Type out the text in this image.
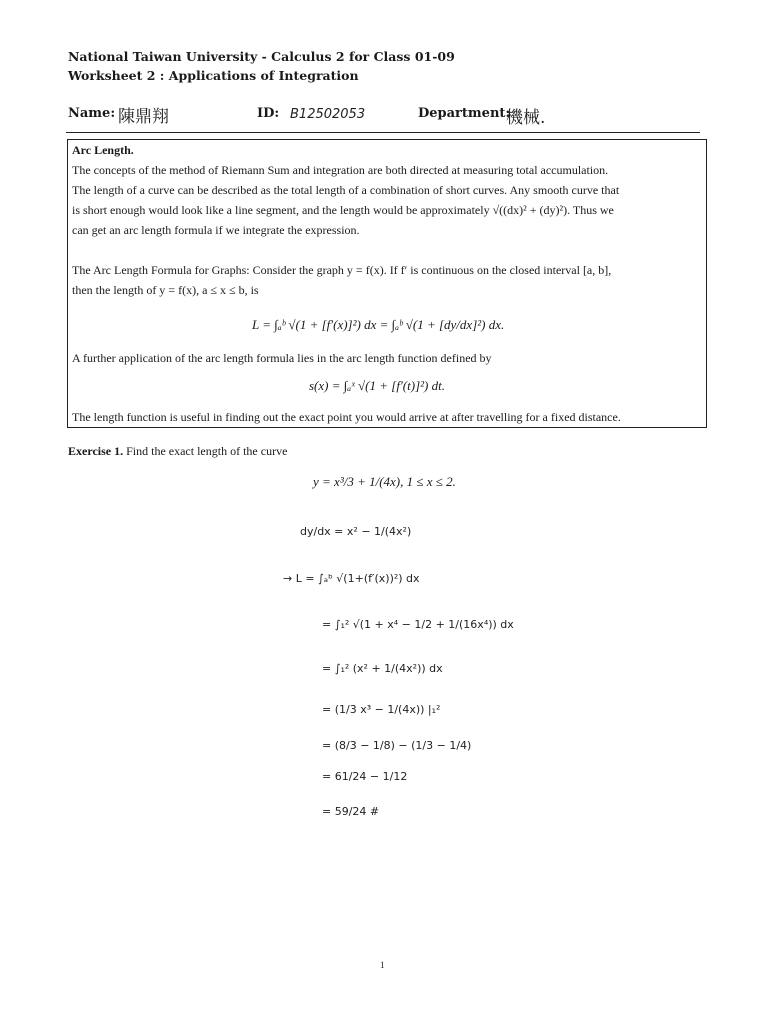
National Taiwan University - Calculus 2 for Class 01-09
Worksheet 2 : Applications of Integration
Name: 陳鼎翔	ID: B12502053	Department:
機械.
Arc Length.
The concepts of the method of Riemann Sum and integration are both directed at measuring total accumulation.
The length of a curve can be described as the total length of a combination of short curves. Any smooth curve that
is short enough would look like a line segment, and the length would be approximately √((dx)² + (dy)²). Thus we
can get an arc length formula if we integrate the expression.
The Arc Length Formula for Graphs: Consider the graph y = f(x). If f′ is continuous on the closed interval [a, b],
then the length of y = f(x), a ≤ x ≤ b, is
L = ∫ₐᵇ √(1 + [f′(x)]²) dx = ∫ₐᵇ √(1 + [dy/dx]²) dx.
A further application of the arc length formula lies in the arc length function defined by
s(x) = ∫ₐˣ √(1 + [f′(t)]²) dt.
The length function is useful in finding out the exact point you would arrive at after travelling for a fixed distance.
Exercise 1. Find the exact length of the curve
y = x³/3 + 1/(4x), 1 ≤ x ≤ 2.
dy/dx = x² − 1/(4x²)
→ L = ∫ₐᵇ √(1+(f′(x))²) dx
= ∫₁² √(1 + x⁴ − 1/2 + 1/(16x⁴)) dx
= ∫₁² (x² + 1/(4x²)) dx
= (1/3 x³ − 1/(4x)) |₁²
= (8/3 − 1/8) − (1/3 − 1/4)
= 61/24 − 1/12
= 59/24 #
1
